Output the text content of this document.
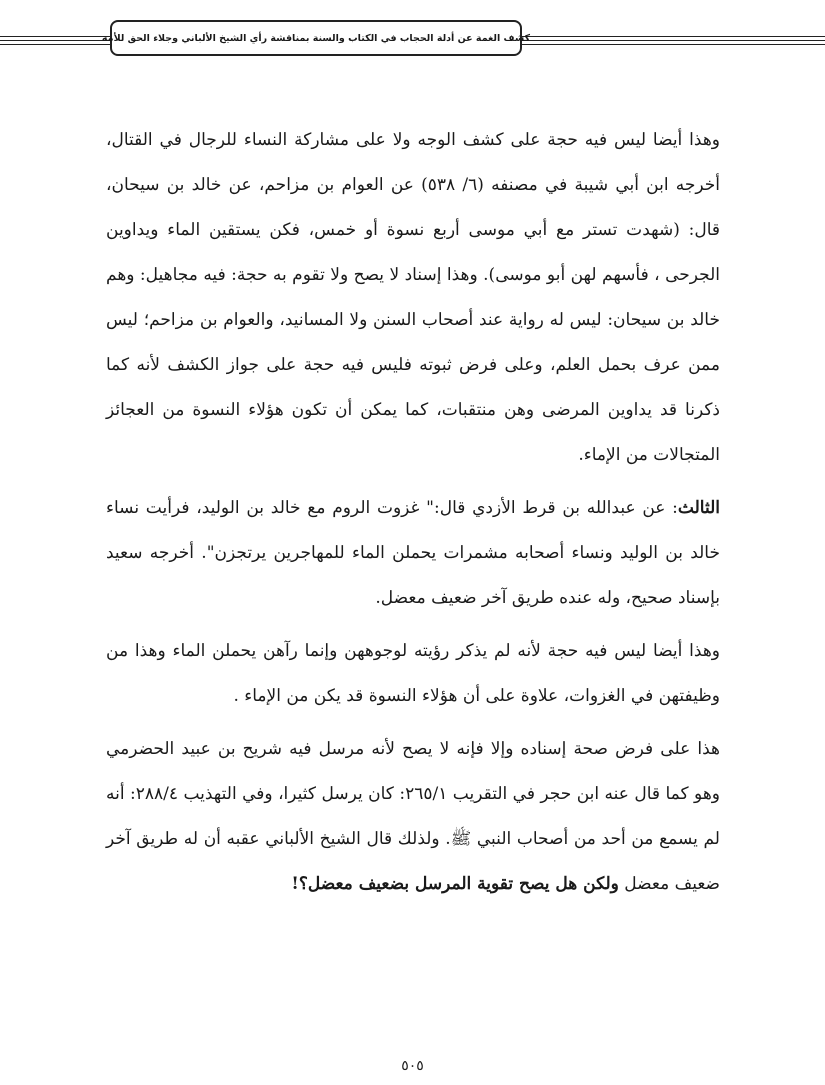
كشف الغمة عن أدلة الحجاب في الكتاب والسنة بمناقشة رأي الشيخ الألباني وجلاء الحق للأمة

وهذا أيضا ليس فيه حجة على كشف الوجه ولا على مشاركة النساء للرجال في القتال، أخرجه ابن أبي شيبة في مصنفه (٦/ ٥٣٨) عن العوام بن مزاحم، عن خالد بن سيحان، قال: (شهدت تستر مع أبي موسى أربع نسوة أو خمس، فكن يستقين الماء ويداوين الجرحى ، فأسهم لهن أبو موسى). وهذا إسناد لا يصح ولا تقوم به حجة: فيه مجاهيل: وهم خالد بن سيحان: ليس له رواية عند أصحاب السنن ولا المسانيد، والعوام بن مزاحم؛ ليس ممن عرف بحمل العلم، وعلى فرض ثبوته فليس فيه حجة على جواز الكشف لأنه كما ذكرنا قد يداوين المرضى وهن منتقبات، كما يمكن أن تكون هؤلاء النسوة من العجائز المتجالات من الإماء.

الثالث: عن عبدالله بن قرط الأزدي قال:" غزوت الروم مع خالد بن الوليد، فرأيت نساء خالد بن الوليد ونساء أصحابه مشمرات يحملن الماء للمهاجرين يرتجزن". أخرجه سعيد بإسناد صحيح، وله عنده طريق آخر ضعيف معضل.

وهذا أيضا ليس فيه حجة لأنه لم يذكر رؤيته لوجوههن وإنما رآهن يحملن الماء وهذا من وظيفتهن في الغزوات، علاوة على أن هؤلاء النسوة قد يكن من الإماء .

هذا على فرض صحة إسناده وإلا فإنه لا يصح لأنه مرسل فيه شريح بن عبيد الحضرمي وهو كما قال عنه ابن حجر في التقريب ٢٦٥/١: كان يرسل كثيرا، وفي التهذيب ٢٨٨/٤: أنه لم يسمع من أحد من أصحاب النبي ﷺ. ولذلك قال الشيخ الألباني عقبه أن له طريق آخر ضعيف معضل ولكن هل يصح تقوية المرسل بضعيف معضل؟!

٥٠٥
